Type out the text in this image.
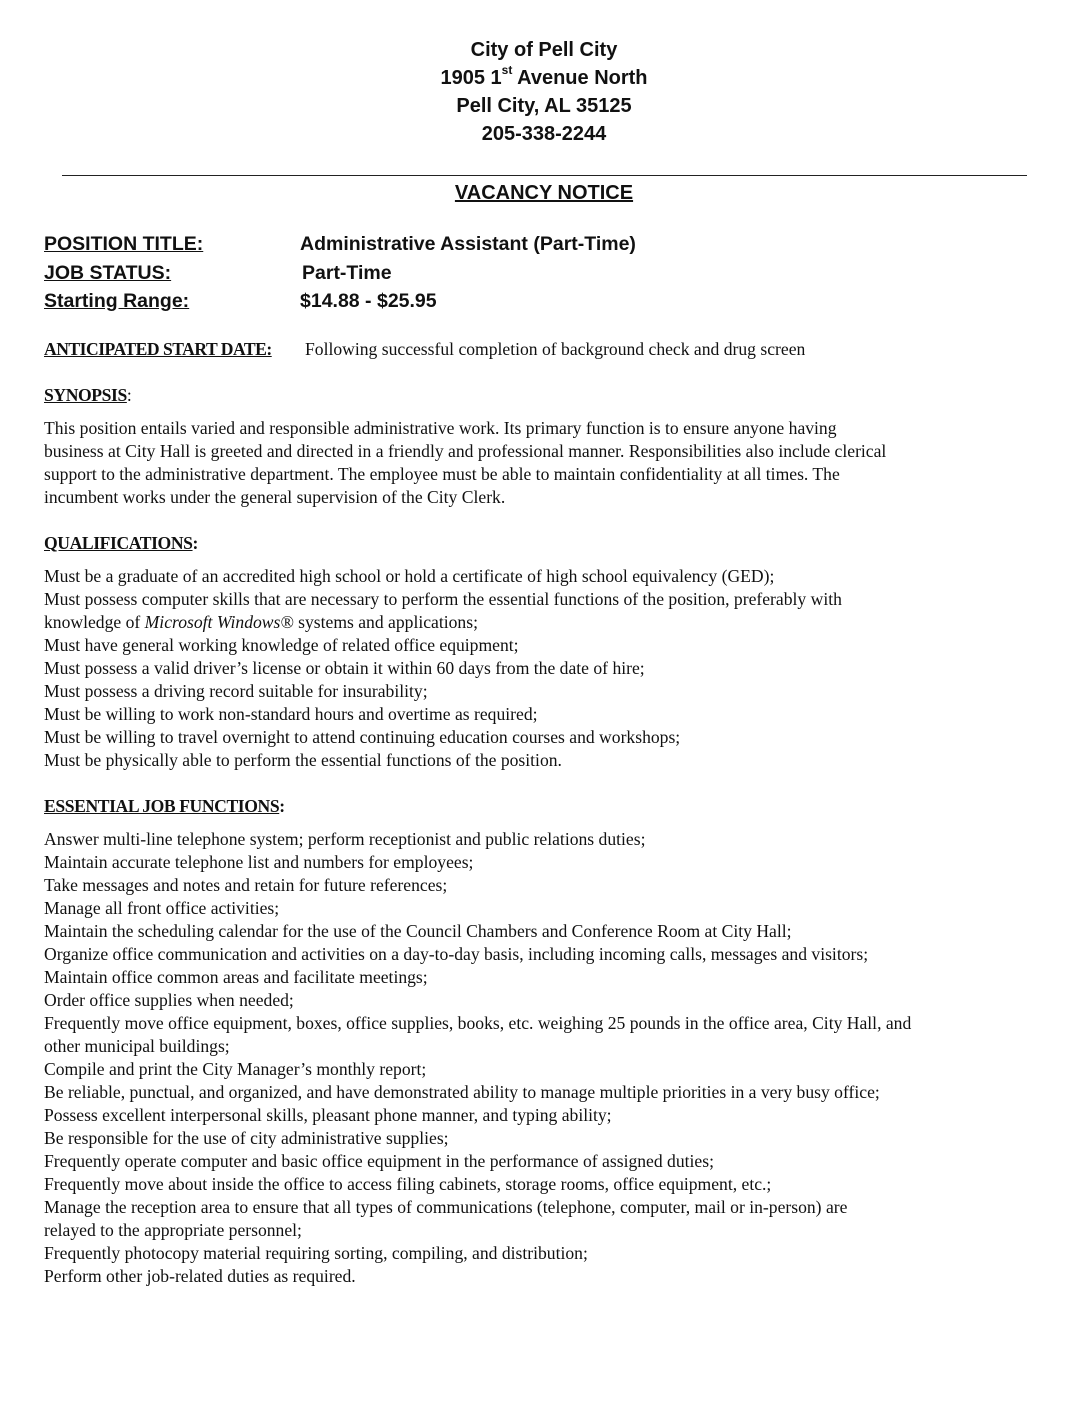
City of Pell City
1905 1st Avenue North
Pell City, AL 35125
205-338-2244
VACANCY NOTICE
POSITION TITLE:	Administrative Assistant (Part-Time)
JOB STATUS:	Part-Time
Starting Range:	$14.88 - $25.95
ANTICIPATED START DATE: Following successful completion of background check and drug screen
SYNOPSIS:
This position entails varied and responsible administrative work. Its primary function is to ensure anyone having
business at City Hall is greeted and directed in a friendly and professional manner. Responsibilities also include clerical
support to the administrative department. The employee must be able to maintain confidentiality at all times. The
incumbent works under the general supervision of the City Clerk.
QUALIFICATIONS:
Must be a graduate of an accredited high school or hold a certificate of high school equivalency (GED);
Must possess computer skills that are necessary to perform the essential functions of the position, preferably with
knowledge of Microsoft Windows® systems and applications;
Must have general working knowledge of related office equipment;
Must possess a valid driver’s license or obtain it within 60 days from the date of hire;
Must possess a driving record suitable for insurability;
Must be willing to work non-standard hours and overtime as required;
Must be willing to travel overnight to attend continuing education courses and workshops;
Must be physically able to perform the essential functions of the position.
ESSENTIAL JOB FUNCTIONS:
Answer multi-line telephone system; perform receptionist and public relations duties;
Maintain accurate telephone list and numbers for employees;
Take messages and notes and retain for future references;
Manage all front office activities;
Maintain the scheduling calendar for the use of the Council Chambers and Conference Room at City Hall;
Organize office communication and activities on a day-to-day basis, including incoming calls, messages and visitors;
Maintain office common areas and facilitate meetings;
Order office supplies when needed;
Frequently move office equipment, boxes, office supplies, books, etc. weighing 25 pounds in the office area, City Hall, and
other municipal buildings;
Compile and print the City Manager’s monthly report;
Be reliable, punctual, and organized, and have demonstrated ability to manage multiple priorities in a very busy office;
Possess excellent interpersonal skills, pleasant phone manner, and typing ability;
Be responsible for the use of city administrative supplies;
Frequently operate computer and basic office equipment in the performance of assigned duties;
Frequently move about inside the office to access filing cabinets, storage rooms, office equipment, etc.;
Manage the reception area to ensure that all types of communications (telephone, computer, mail or in-person) are
relayed to the appropriate personnel;
Frequently photocopy material requiring sorting, compiling, and distribution;
Perform other job-related duties as required.
